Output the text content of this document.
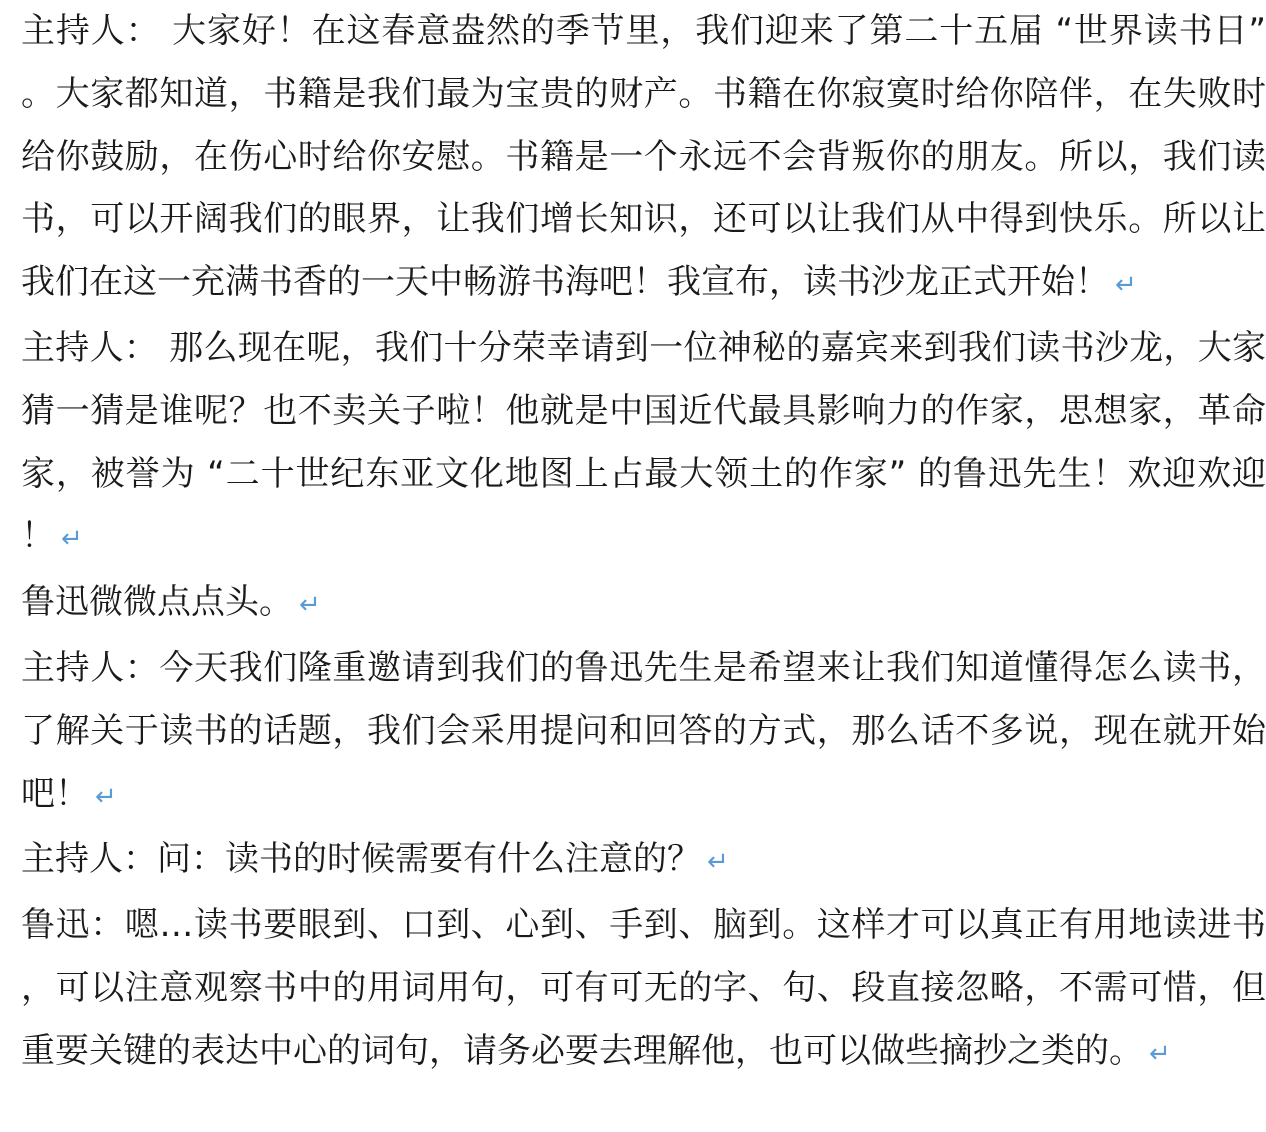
主持人： 大家好！在这春意盎然的季节里，我们迎来了第二十五届 “世界读书日”。大家都知道，书籍是我们最为宝贵的财产。书籍在你寂寞时给你陪伴，在失败时给你鼓励，在伤心时给你安慰。书籍是一个永远不会背叛你的朋友。所以，我们读书，可以开阔我们的眼界，让我们增长知识，还可以让我们从中得到快乐。所以让我们在这一充满书香的一天中畅游书海吧！我宣布，读书沙龙正式开始！ ↵

主持人： 那么现在呢，我们十分荣幸请到一位神秘的嘉宾来到我们读书沙龙，大家猜一猜是谁呢？也不卖关子啦！他就是中国近代最具影响力的作家，思想家，革命家，被誉为 “二十世纪东亚文化地图上占最大领土的作家” 的鲁迅先生！欢迎欢迎！ ↵

鲁迅微微点点头。 ↵

主持人：今天我们隆重邀请到我们的鲁迅先生是希望来让我们知道懂得怎么读书，了解关于读书的话题，我们会采用提问和回答的方式，那么话不多说，现在就开始吧！ ↵

主持人：问：读书的时候需要有什么注意的？ ↵

鲁迅：嗯…读书要眼到、口到、心到、手到、脑到。这样才可以真正有用地读进书，可以注意观察书中的用词用句，可有可无的字、句、段直接忽略，不需可惜，但重要关键的表达中心的词句，请务必要去理解他，也可以做些摘抄之类的。 ↵
